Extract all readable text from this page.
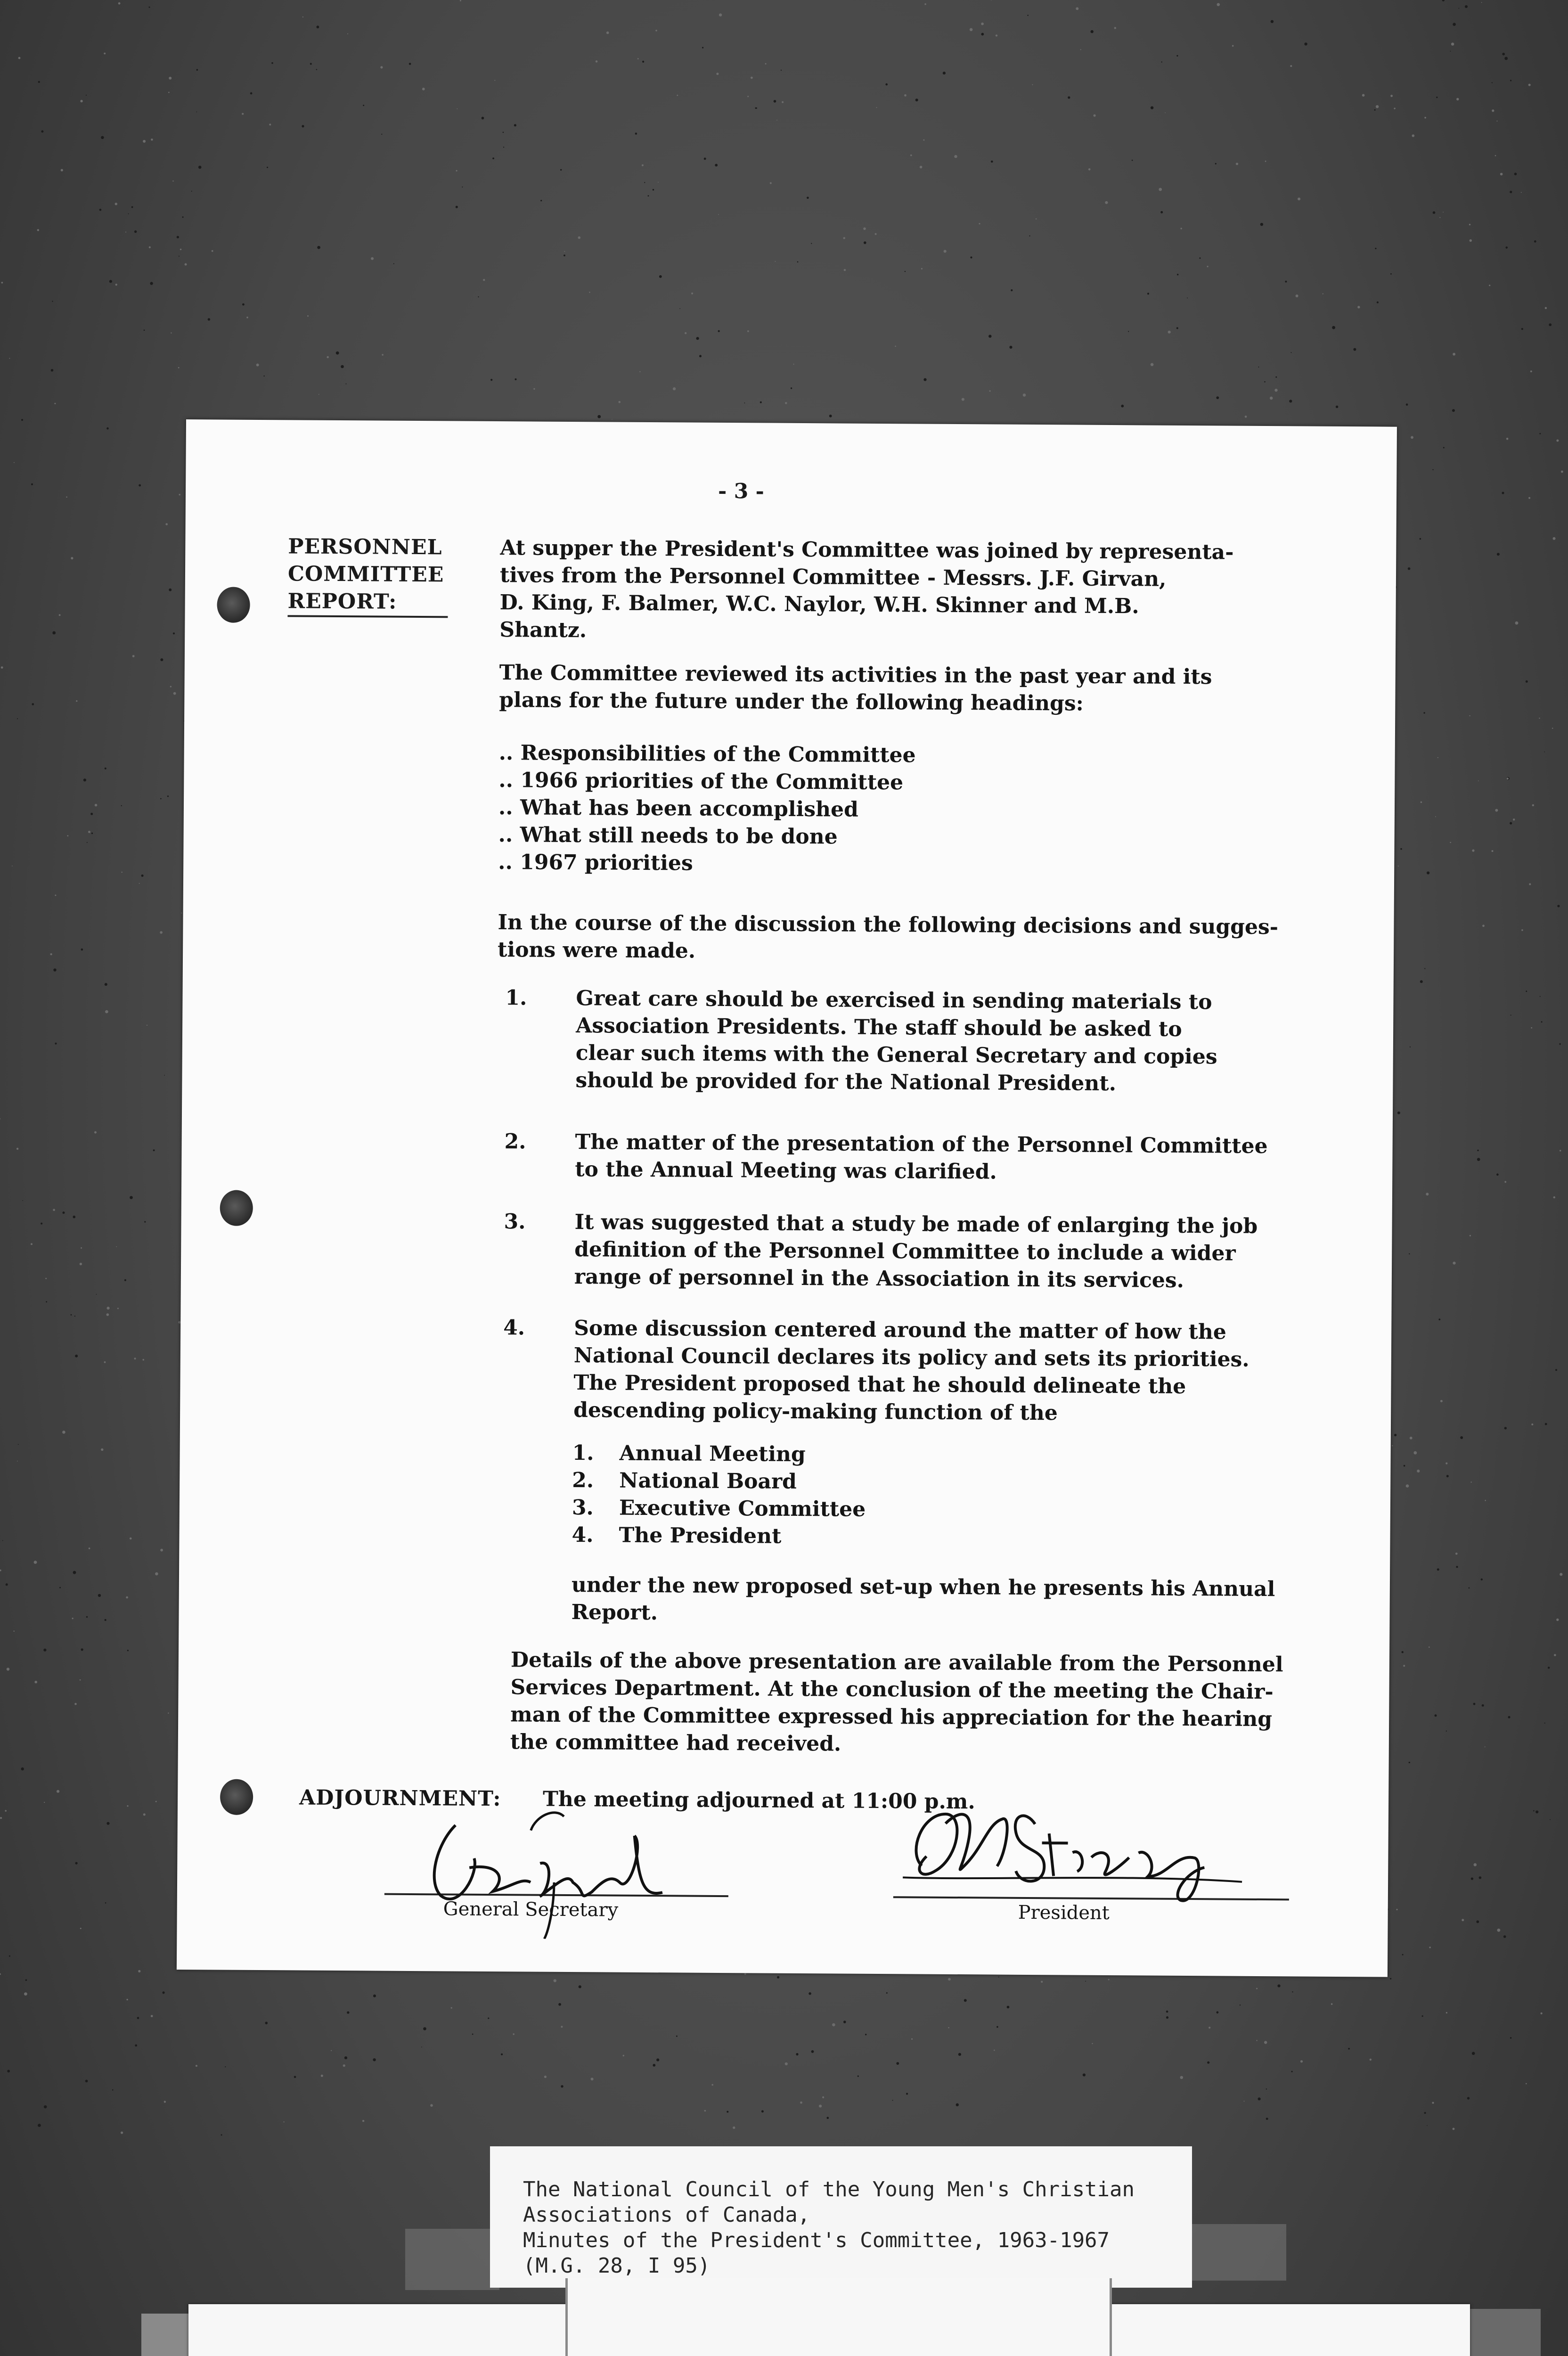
- 3 -
PERSONNEL
COMMITTEE
REPORT:

At supper the President's Committee was joined by representa-

tives from the Personnel Committee - Messrs. J.F. Girvan,

D. King, F. Balmer, W.C. Naylor, W.H. Skinner and M.B.

Shantz.

The Committee reviewed its activities in the past year and its

plans for the future under the following headings:

.. Responsibilities of the Committee
.. 1966 priorities of the Committee
.. What has been accomplished
.. What still needs to be done
.. 1967 priorities

In the course of the discussion the following decisions and sugges-

tions were made.

1. Great care should be exercised in sending materials to
Association Presidents. The staff should be asked to
clear such items with the General Secretary and copies
should be provided for the National President.
2. The matter of the presentation of the Personnel Committee
to the Annual Meeting was clarified.
3. It was suggested that a study be made of enlarging the job
definition of the Personnel Committee to include a wider
range of personnel in the Association in its services.
4. Some discussion centered around the matter of how the
National Council declares its policy and sets its priorities.
The President proposed that he should delineate the
descending policy-making function of the
1. Annual Meeting
2. National Board
3. Executive Committee
4. The President

under the new proposed set-up when he presents his Annual

Report.

Details of the above presentation are available from the Personnel

Services Department. At the conclusion of the meeting the Chair-

man of the Committee expressed his appreciation for the hearing

the committee had received.

ADJOURNMENT: The meeting adjourned at 11:00 p.m.
General Secretary	President
The National Council of the Young Men's Christian
Associations of Canada,
Minutes of the President's Committee, 1963-1967
(M.G. 28, I 95)
